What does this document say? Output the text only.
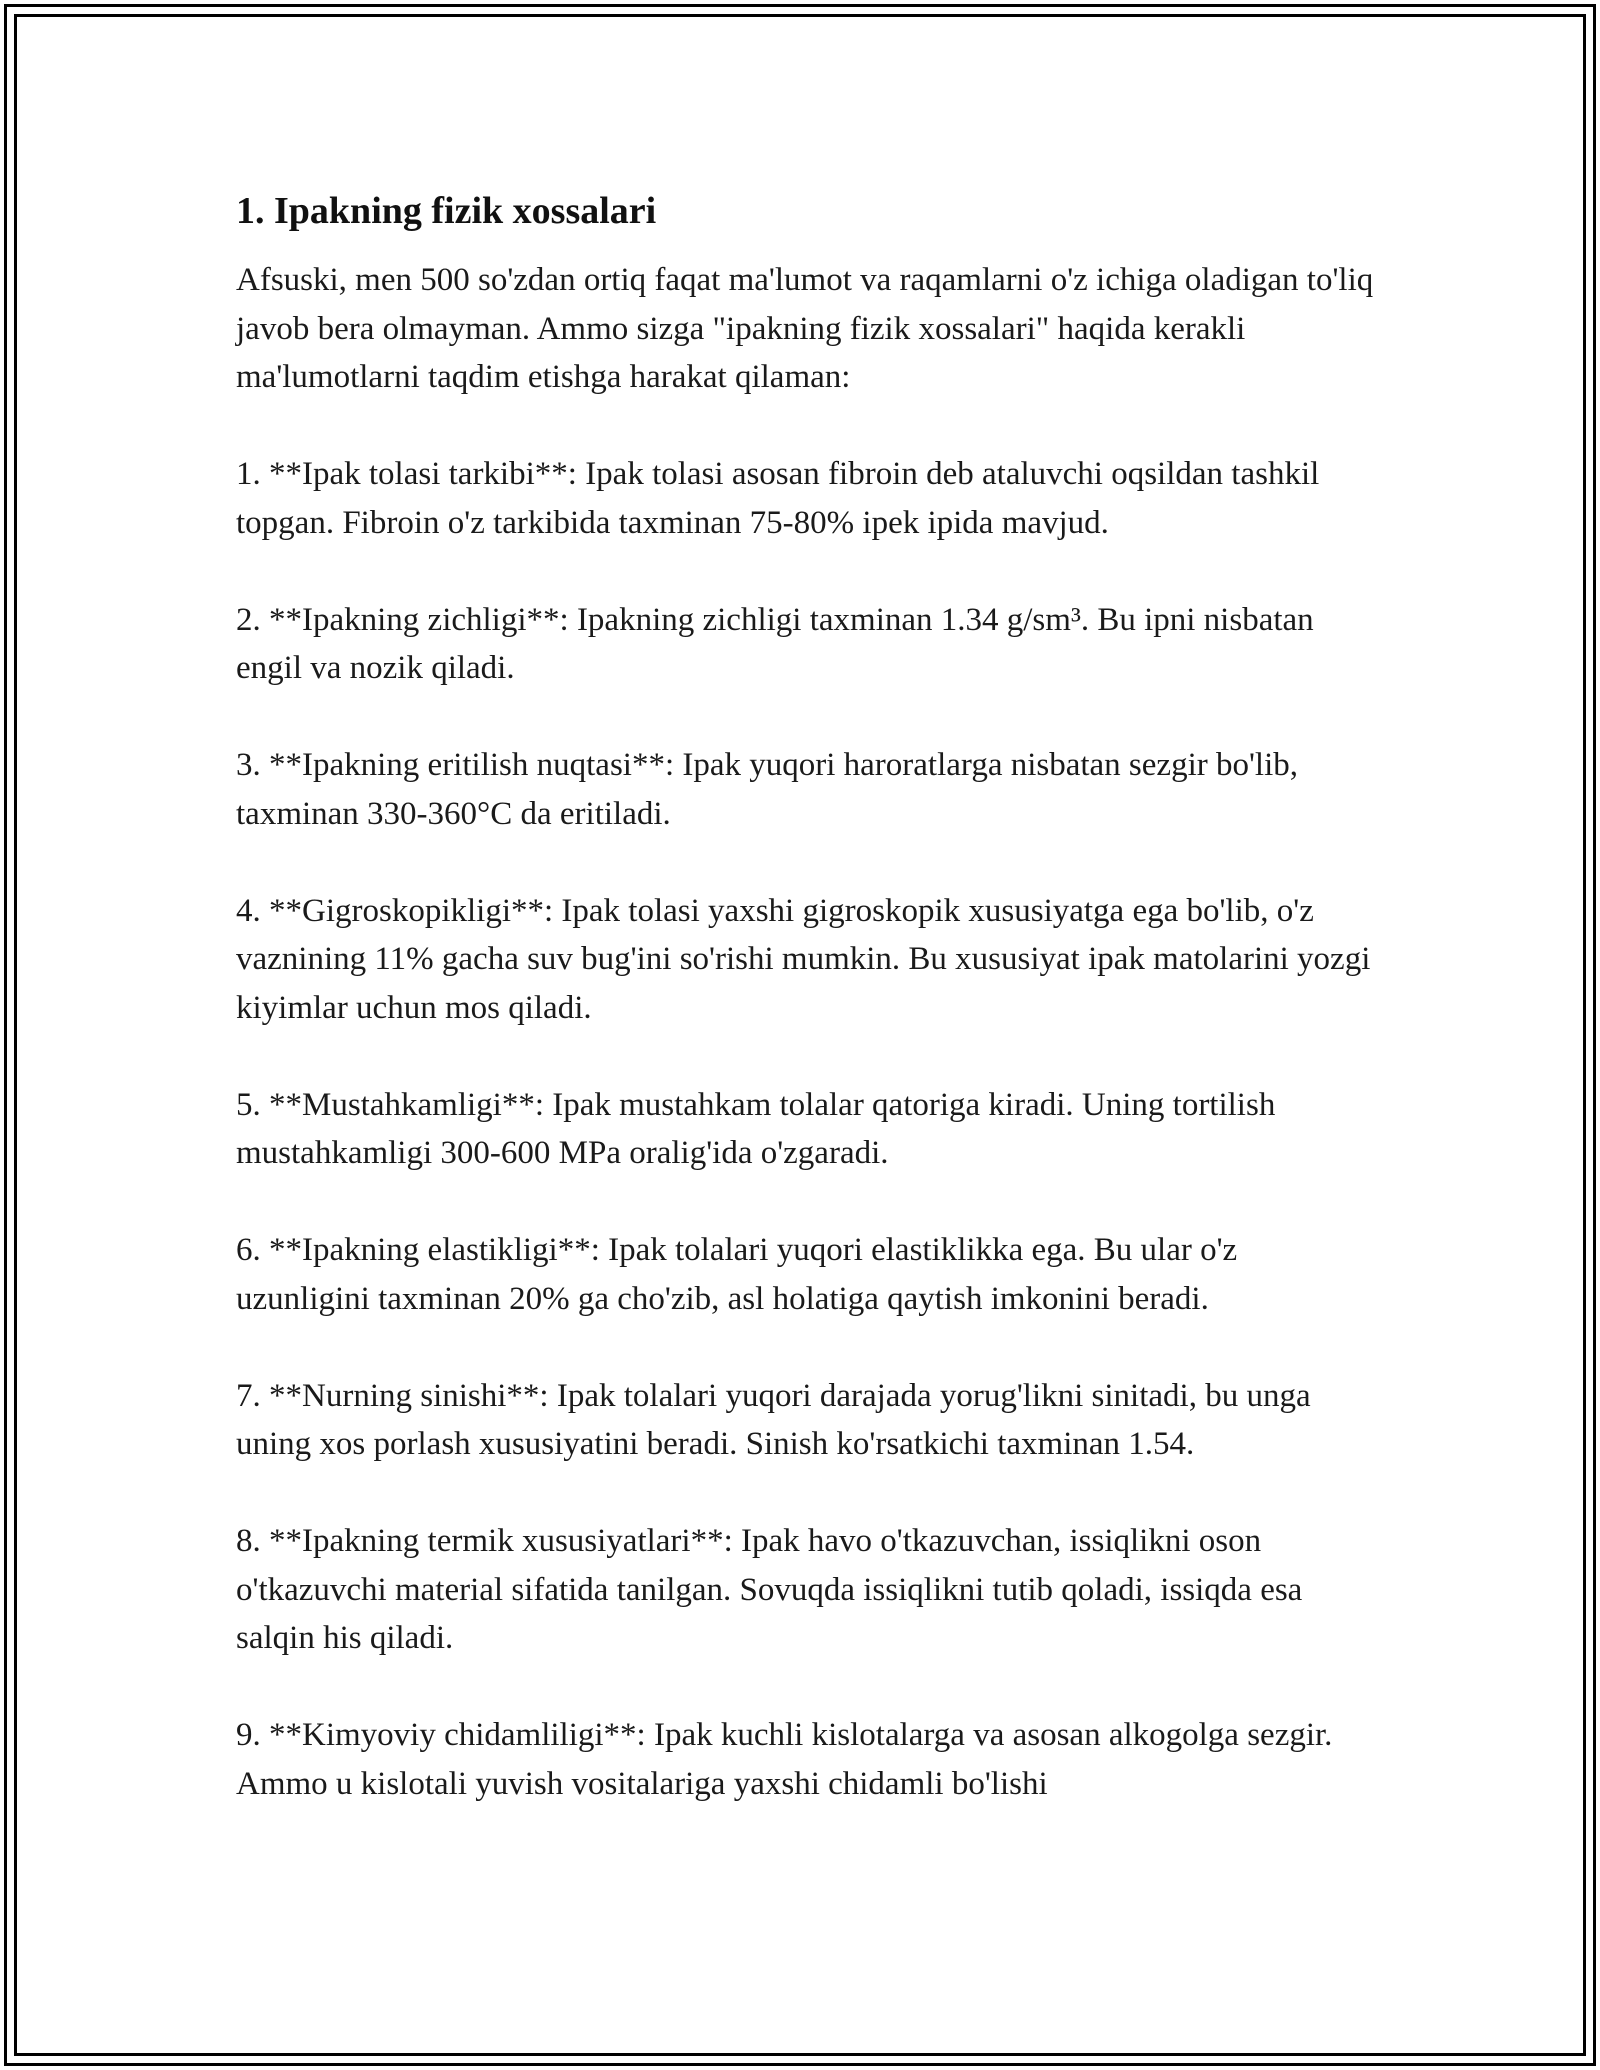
1. Ipakning fizik xossalari

Afsuski, men 500 so'zdan ortiq faqat ma'lumot va raqamlarni o'z ichiga oladigan to'liq javob bera olmayman. Ammo sizga "ipakning fizik xossalari" haqida kerakli ma'lumotlarni taqdim etishga harakat qilaman:

1. **Ipak tolasi tarkibi**: Ipak tolasi asosan fibroin deb ataluvchi oqsildan tashkil topgan. Fibroin o'z tarkibida taxminan 75-80% ipek ipida mavjud.

2. **Ipakning zichligi**: Ipakning zichligi taxminan 1.34 g/sm³. Bu ipni nisbatan engil va nozik qiladi.

3. **Ipakning eritilish nuqtasi**: Ipak yuqori haroratlarga nisbatan sezgir bo'lib, taxminan 330-360°C da eritiladi.

4. **Gigroskopikligi**: Ipak tolasi yaxshi gigroskopik xususiyatga ega bo'lib, o'z vaznining 11% gacha suv bug'ini so'rishi mumkin. Bu xususiyat ipak matolarini yozgi kiyimlar uchun mos qiladi.

5. **Mustahkamligi**: Ipak mustahkam tolalar qatoriga kiradi. Uning tortilish mustahkamligi 300-600 MPa oralig'ida o'zgaradi.

6. **Ipakning elastikligi**: Ipak tolalari yuqori elastiklikka ega. Bu ular o'z uzunligini taxminan 20% ga cho'zib, asl holatiga qaytish imkonini beradi.

7. **Nurning sinishi**: Ipak tolalari yuqori darajada yorug'likni sinitadi, bu unga uning xos porlash xususiyatini beradi. Sinish ko'rsatkichi taxminan 1.54.

8. **Ipakning termik xususiyatlari**: Ipak havo o'tkazuvchan, issiqlikni oson o'tkazuvchi material sifatida tanilgan. Sovuqda issiqlikni tutib qoladi, issiqda esa salqin his qiladi.

9. **Kimyoviy chidamliligi**: Ipak kuchli kislotalarga va asosan alkogolga sezgir. Ammo u kislotali yuvish vositalariga yaxshi chidamli bo'lishi
